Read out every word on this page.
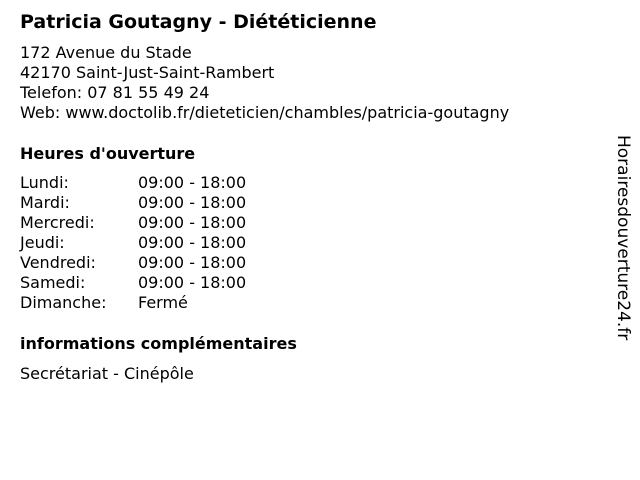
Patricia Goutagny - Diététicienne
172 Avenue du Stade
42170 Saint-Just-Saint-Rambert
Telefon: 07 81 55 49 24
Web: www.doctolib.fr/dieteticien/chambles/patricia-goutagny
Heures d'ouverture
Lundi:	09:00 - 18:00
Mardi:	09:00 - 18:00
Mercredi:	09:00 - 18:00
Jeudi:	09:00 - 18:00
Vendredi:	09:00 - 18:00
Samedi:	09:00 - 18:00
Dimanche:	Fermé
informations complémentaires
Secrétariat - Cinépôle
Horairesdouverture24.fr
